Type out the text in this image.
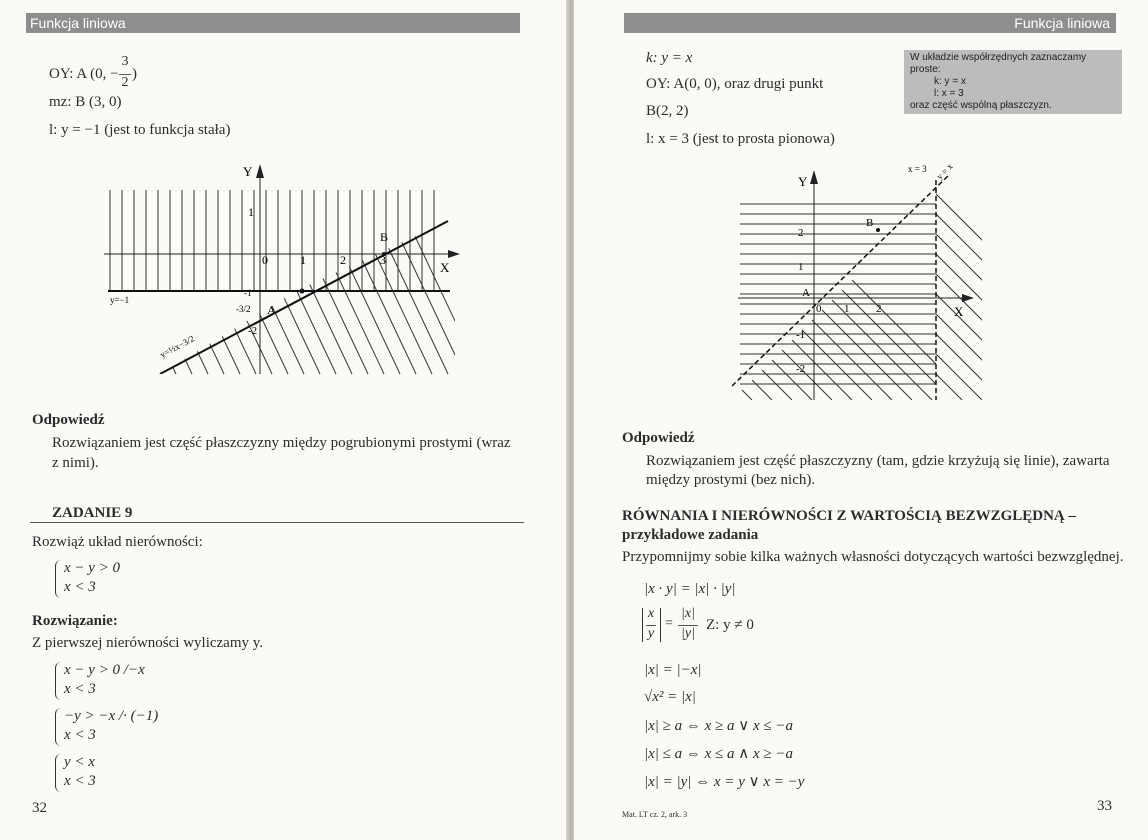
Funkcja liniowa
OY: A (0, −
3
2
)
mz: B (3, 0)
l: y = −1 (jest to funkcja stała)
Y
X
0	1	2	3
1
-1
-3/2
-2
A
B
y=−1
y=½x−3/2
Odpowiedź
Rozwiązaniem jest część płaszczyzny między pogrubionymi prostymi (wraz
z nimi).
ZADANIE 9
Rozwiąż układ nierówności:
x − y > 0
x < 3
Rozwiązanie:
Z pierwszej nierówności wyliczamy y.
x − y > 0 /−x
x < 3
−y > −x /· (−1)
x < 3
y < x
x < 3
32
Funkcja liniowa
k: y = x
OY: A(0, 0), oraz drugi punkt
B(2, 2)
l: x = 3 (jest to prosta pionowa)
W układzie współrzędnych zaznaczamy proste:
k: y = x
l: x = 3
oraz część wspólną płaszczyzn.
Y
X
x = 3 y = x
2
1
-1
-2
0 1 2
A
B
Odpowiedź
Rozwiązaniem jest część płaszczyzny (tam, gdzie krzyżują się linie), zawarta
między prostymi (bez nich).
RÓWNANIA I NIERÓWNOŚCI Z WARTOŚCIĄ BEZWZGLĘDNĄ –
przykładowe zadania
Przypomnijmy sobie kilka ważnych własności dotyczących wartości bezwzględnej.
|x · y| = |x| · |y|
x
y
=
|x|
|y|
Z: y ≠ 0
|x| = |−x|
√x² = |x|
|x| ≥ a ⇔ x ≥ a ∨ x ≤ −a
|x| ≤ a ⇔ x ≤ a ∧ x ≥ −a
|x| = |y| ⇔ x = y ∨ x = −y
Mat. LT cz. 2, ark. 3
33
